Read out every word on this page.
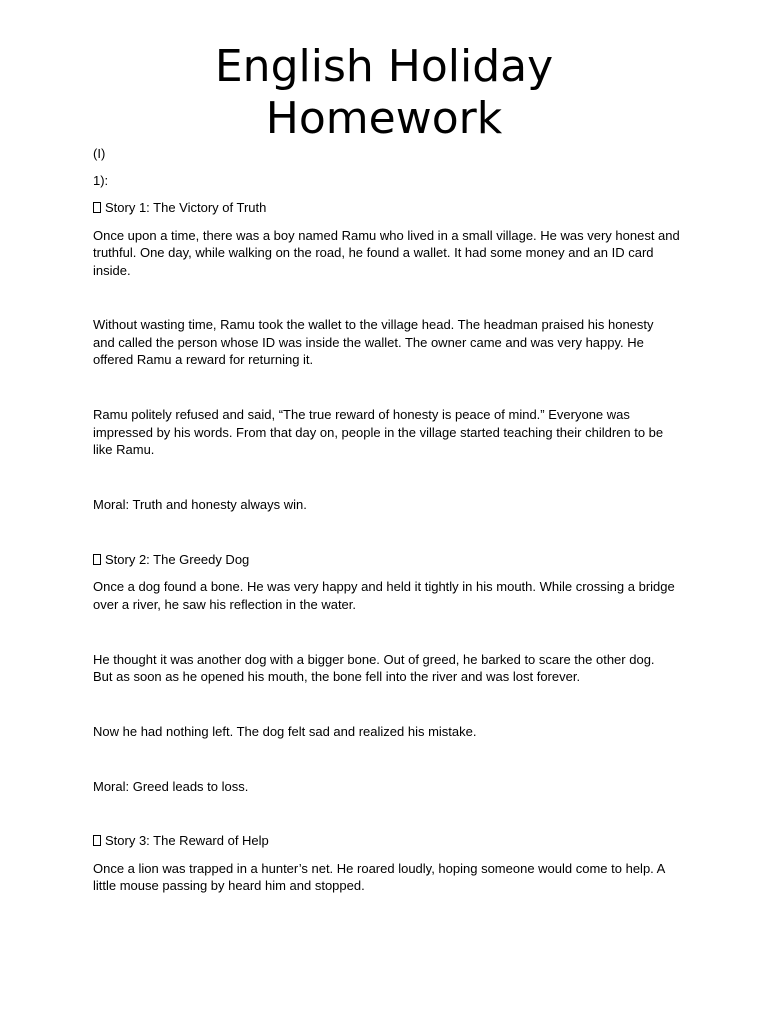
English Holiday
Homework

(I)

1):

Story 1: The Victory of Truth

Once upon a time, there was a boy named Ramu who lived in a small village. He was very honest and

truthful. One day, while walking on the road, he found a wallet. It had some money and an ID card

inside.

Without wasting time, Ramu took the wallet to the village head. The headman praised his honesty

and called the person whose ID was inside the wallet. The owner came and was very happy. He

offered Ramu a reward for returning it.

Ramu politely refused and said, “The true reward of honesty is peace of mind.” Everyone was

impressed by his words. From that day on, people in the village started teaching their children to be

like Ramu.

Moral: Truth and honesty always win.

Story 2: The Greedy Dog

Once a dog found a bone. He was very happy and held it tightly in his mouth. While crossing a bridge

over a river, he saw his reflection in the water.

He thought it was another dog with a bigger bone. Out of greed, he barked to scare the other dog.

But as soon as he opened his mouth, the bone fell into the river and was lost forever.

Now he had nothing left. The dog felt sad and realized his mistake.

Moral: Greed leads to loss.

Story 3: The Reward of Help

Once a lion was trapped in a hunter’s net. He roared loudly, hoping someone would come to help. A

little mouse passing by heard him and stopped.
